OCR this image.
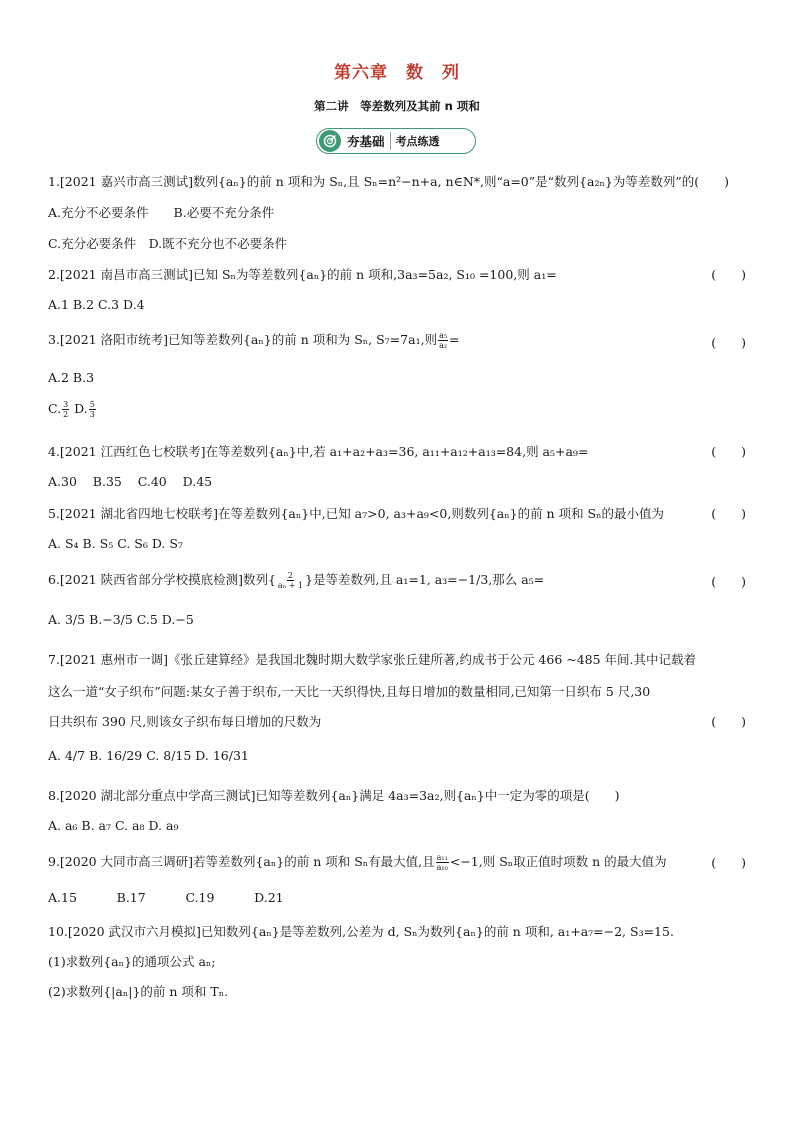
第六章　数　列
第二讲　等差数列及其前 n 项和
夯基础	考点练透
1.[2021 嘉兴市高三测试]数列{aₙ}的前 n 项和为 Sₙ,且 Sₙ=n²−n+a, n∈N*,则“a=0”是“数列{a₂ₙ}为等差数列”的(　　)
A.充分不必要条件　　 B.必要不充分条件
C.充分必要条件　 D.既不充分也不必要条件
2.[2021 南昌市高三测试]已知 Sₙ为等差数列{aₙ}的前 n 项和,3a₃=5a₂, S₁₀ =100,则 a₁=	(　　)
A.1 B.2 C.3 D.4
3.[2021 洛阳市统考]已知等差数列{aₙ}的前 n 项和为 Sₙ, S₇=7a₁,则 $\frac{\text{a₅}}{\text{a₂}}$ =	(　　)
A.2 B.3
C. $\frac{3}{2} D$. $\frac{5}{3}$
4.[2021 江西红色七校联考]在等差数列{aₙ}中,若 a₁+a₂+a₃=36, a₁₁+a₁₂+a₁₃=84,则 a₅+a₉=	(　　)
A.30    B.35    C.40    D.45
5.[2021 湖北省四地七校联考]在等差数列{aₙ}中,已知 a₇>0, a₃+a₉<0,则数列{aₙ}的前 n 项和 Sₙ的最小值为	(　　)
A. S₄ B. S₅ C. S₆ D. S₇
6.[2021 陕西省部分学校摸底检测]数列{ $\frac{2}{\text{aₙ + 1}}$ }是等差数列,且 a₁=1, a₃=−1/3,那么 a₅=	(　　)
A. 3/5 B.−3/5 C.5 D.−5
7.[2021 惠州市一调]《张丘建算经》是我国北魏时期大数学家张丘建所著,约成书于公元 466 ~485 年间.其中记载着
这么一道“女子织布”问题:某女子善于织布,一天比一天织得快,且每日增加的数量相同,已知第一日织布 5 尺,30
日共织布 390 尺,则该女子织布每日增加的尺数为	(　　)
A. 4/7 B. 16/29 C. 8/15 D. 16/31
8.[2020 湖北部分重点中学高三测试]已知等差数列{aₙ}满足 4a₃=3a₂,则{aₙ}中一定为零的项是(　　)
A. a₆ B. a₇ C. a₈ D. a₉
9.[2020 大同市高三调研]若等差数列{aₙ}的前 n 项和 Sₙ有最大值,且 $\frac{\text{a₁₁}}{\text{a₁₀}} <-1$,则 Sₙ取正值时项数 n 的最大值为	(　　)
A.15          B.17          C.19          D.21
10.[2020 武汉市六月模拟]已知数列{aₙ}是等差数列,公差为 d, Sₙ为数列{aₙ}的前 n 项和, a₁+a₇=−2, S₃=15.
(1)求数列{aₙ}的通项公式 aₙ;
(2)求数列{|aₙ|}的前 n 项和 Tₙ.
